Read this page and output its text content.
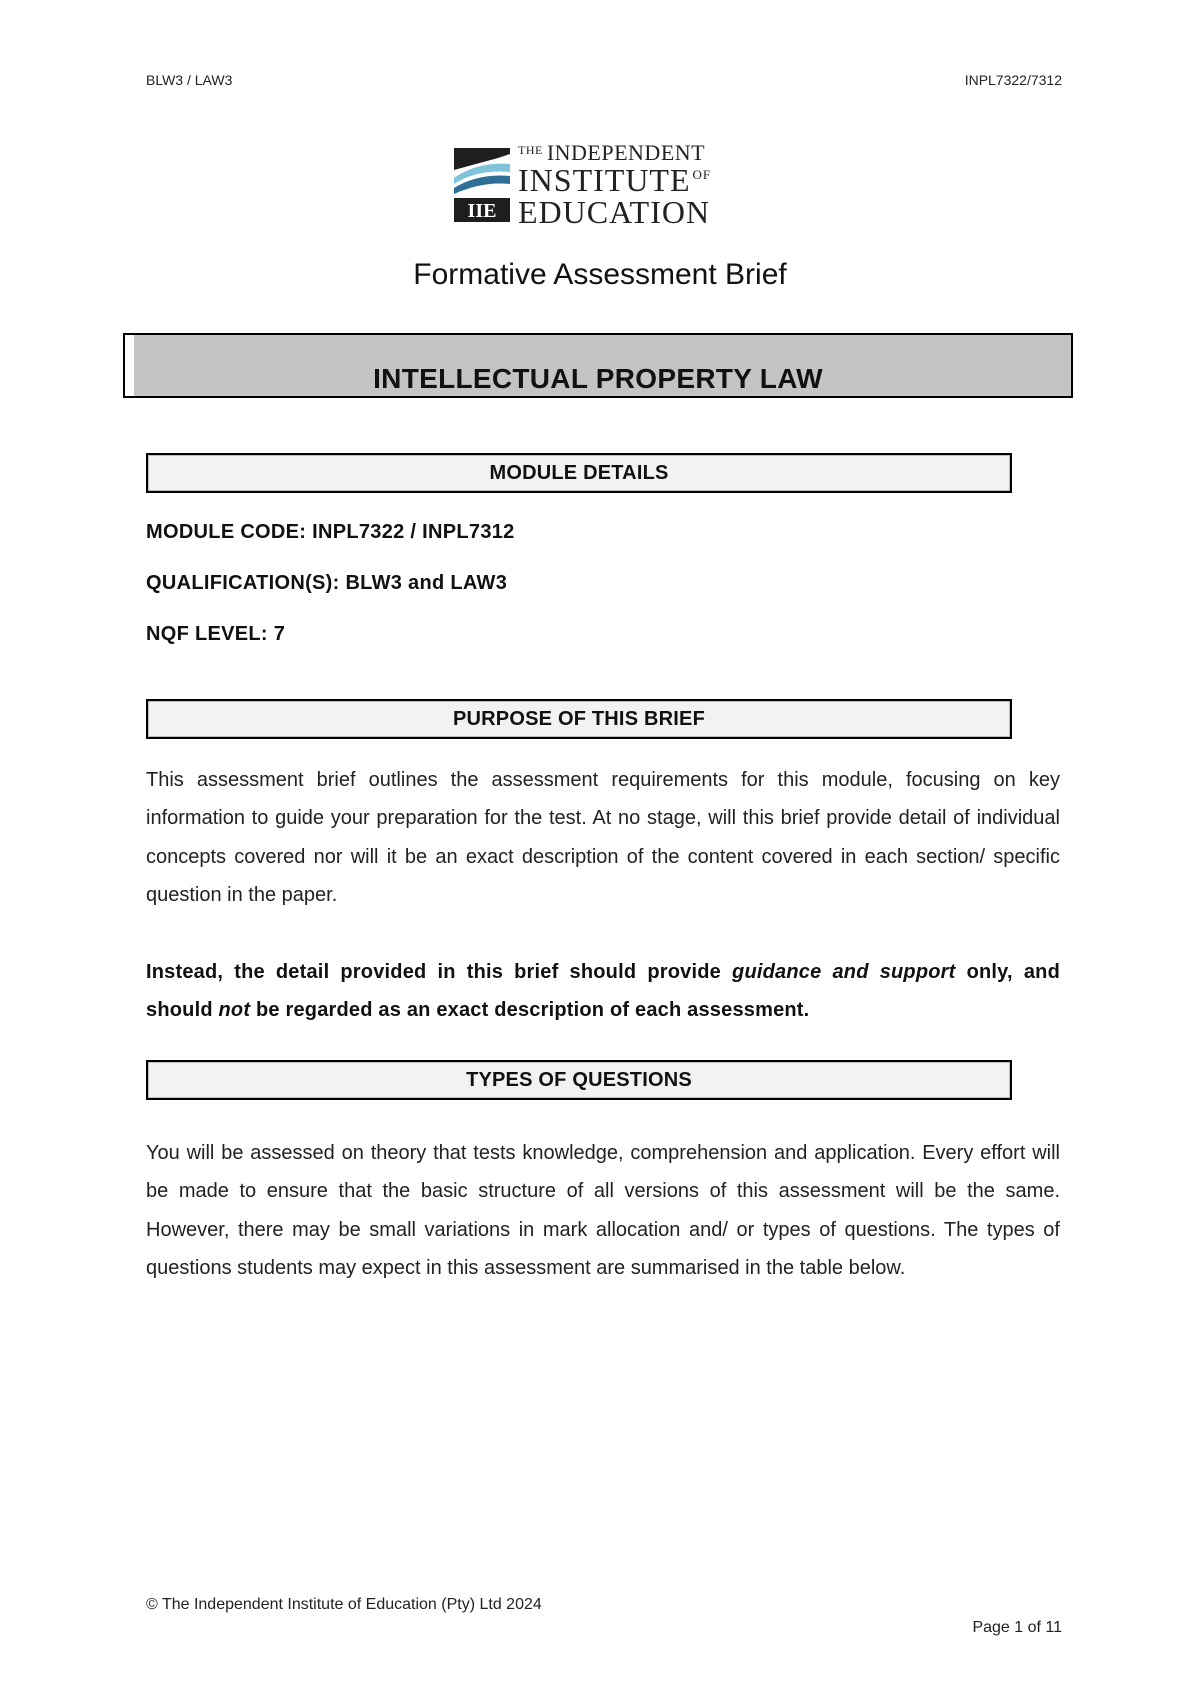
BLW3 / LAW3	INPL7322/7312
IIE
$^{THE}$ INDEPENDENT
INSTITUTE $^{OF}$
EDUCATION
Formative Assessment Brief
INTELLECTUAL PROPERTY LAW
MODULE DETAILS
MODULE CODE: INPL7322 / INPL7312
QUALIFICATION(S): BLW3 and LAW3
NQF LEVEL: 7
PURPOSE OF THIS BRIEF
This assessment brief outlines the assessment requirements for this module, focusing on key information to guide your preparation for the test. At no stage, will this brief provide detail of individual concepts covered nor will it be an exact description of the content covered in each section/ specific question in the paper.
Instead, the detail provided in this brief should provide guidance and support only, and should not be regarded as an exact description of each assessment.
TYPES OF QUESTIONS
You will be assessed on theory that tests knowledge, comprehension and application. Every effort will be made to ensure that the basic structure of all versions of this assessment will be the same. However, there may be small variations in mark allocation and/ or types of questions. The types of questions students may expect in this assessment are summarised in the table below.
© The Independent Institute of Education (Pty) Ltd 2024
Page 1 of 11
